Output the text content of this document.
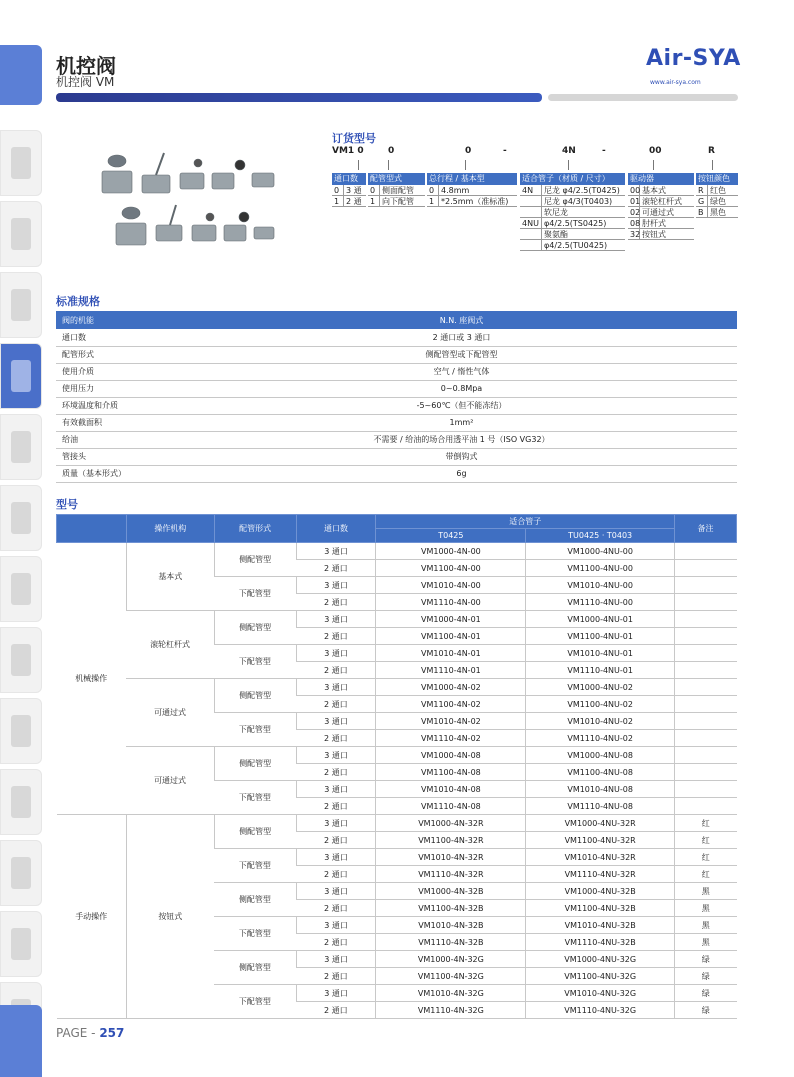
机控阀
机控阀 VM
Air-SYA
www.air-sya.com
订货型号
VM1 0	0	0	-	4N	-	00	R
通口数
0 3 通
1 2 通
配管型式
0 侧面配管
1 向下配管
总行程 / 基本型
0 4.8mm
1 *2.5mm（准标准)
适合管子（材质 / 尺寸）
4N	尼龙 φ4/2.5(T0425)
尼龙 φ4/3(T0403)
软尼龙
4NU φ4/2.5(TS0425)
聚氨酯
φ4/2.5(TU0425)
驱动器
00 基本式
01 滚轮杠杆式
02 可通过式
08 肘杆式
32 按钮式
按钮颜色
R 红色
G 绿色
B 黑色
标准规格
阀的机能	N.N. 座阀式
通口数	2 通口或 3 通口
配管形式	侧配管型或下配管型
使用介质	空气 / 惰性气体
使用压力	0~0.8Mpa
环境温度和介质	-5~60℃（但不能冻结）
有效截面积	1mm²
给油	不需要 / 给油的场合用透平油 1 号（ISO VG32）
管接头	带倒钩式
质量（基本形式）	6g
型号
	操作机构	配管形式	通口数	适合管子		备注
				T0425	TU0425 · T0403	
机械操作	基本式	侧配管型	3 通口	VM1000-4N-00	VM1000-4NU-00	
			2 通口	VM1100-4N-00	VM1100-4NU-00	
		下配管型	3 通口	VM1010-4N-00	VM1010-4NU-00	
			2 通口	VM1110-4N-00	VM1110-4NU-00	
	滚轮杠杆式	侧配管型	3 通口	VM1000-4N-01	VM1000-4NU-01	
			2 通口	VM1100-4N-01	VM1100-4NU-01	
		下配管型	3 通口	VM1010-4N-01	VM1010-4NU-01	
			2 通口	VM1110-4N-01	VM1110-4NU-01	
	可通过式	侧配管型	3 通口	VM1000-4N-02	VM1000-4NU-02	
			2 通口	VM1100-4N-02	VM1100-4NU-02	
		下配管型	3 通口	VM1010-4N-02	VM1010-4NU-02	
			2 通口	VM1110-4N-02	VM1110-4NU-02	
	可通过式	侧配管型	3 通口	VM1000-4N-08	VM1000-4NU-08	
			2 通口	VM1100-4N-08	VM1100-4NU-08	
		下配管型	3 通口	VM1010-4N-08	VM1010-4NU-08	
			2 通口	VM1110-4N-08	VM1110-4NU-08	
手动操作	按钮式	侧配管型	3 通口	VM1000-4N-32R	VM1000-4NU-32R	红
			2 通口	VM1100-4N-32R	VM1100-4NU-32R	红
		下配管型	3 通口	VM1010-4N-32R	VM1010-4NU-32R	红
			2 通口	VM1110-4N-32R	VM1110-4NU-32R	红
		侧配管型	3 通口	VM1000-4N-32B	VM1000-4NU-32B	黑
			2 通口	VM1100-4N-32B	VM1100-4NU-32B	黑
		下配管型	3 通口	VM1010-4N-32B	VM1010-4NU-32B	黑
			2 通口	VM1110-4N-32B	VM1110-4NU-32B	黑
		侧配管型	3 通口	VM1000-4N-32G	VM1000-4NU-32G	绿
			2 通口	VM1100-4N-32G	VM1100-4NU-32G	绿
		下配管型	3 通口	VM1010-4N-32G	VM1010-4NU-32G	绿
			2 通口	VM1110-4N-32G	VM1110-4NU-32G	绿
PAGE - 257
